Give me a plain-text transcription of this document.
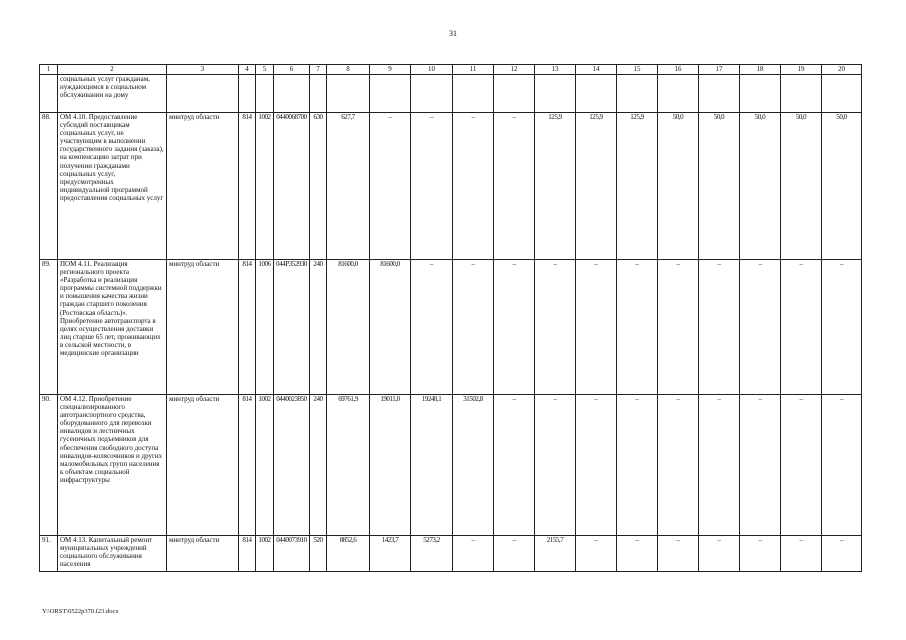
31
1	2	3	4	5	6	7	8	9	10	11	12	13	14	15	16	17	18	19	20
	социальных услуг гражданам, нуждающимся в социальном обслуживании на дому																		
88.	ОМ 4.10. Предоставление субсидий поставщикам социальных услуг, не участвующим в выполнении государственного задания (заказа), на компенсацию затрат при получении гражданами социальных услуг, предусмотренных индивидуальной программой предоставления социальных услуг	минтруд области	814	1002	0440068700	630	627,7	–	–	–	–	125,9	125,9	125,9	50,0	50,0	50,0	50,0	50,0
89.	ПОМ 4.11. Реализация регионального проекта «Разработка и реализация программы системной поддержки и повышения качества жизни граждан старшего поколения (Ростовская область)». Приобретение автотранспорта в целях осуществления доставки лиц старше 65 лет, проживающих в сельской местности, в медицинские организации	минтруд области	814	1006	044P352930	240	81600,0	81600,0	–	–	–	–	–	–	–	–	–	–	–
90.	ОМ 4.12. Приобретение специализированного автотранспортного средства, оборудованного для перевозки инвалидов и лестничных гусеничных подъемников для обеспечения свободного доступа инвалидов-колясочников и других маломобильных групп населения к объектам социальной инфраструктуры	минтруд области	814	1002	0440023850	240	69761,9	19011,0	19248,1	31502,8	–	–	–	–	–	–	–	–	–
91.	ОМ 4.13. Капитальный ремонт муниципальных учреждений социального обслуживания населения	минтруд области	814	1002	0440073910	520	8852,6	1423,7	5273,2	–	–	2155,7	–	–	–	–	–	–	–
Y:\ORST\0522p370.f23.docx
